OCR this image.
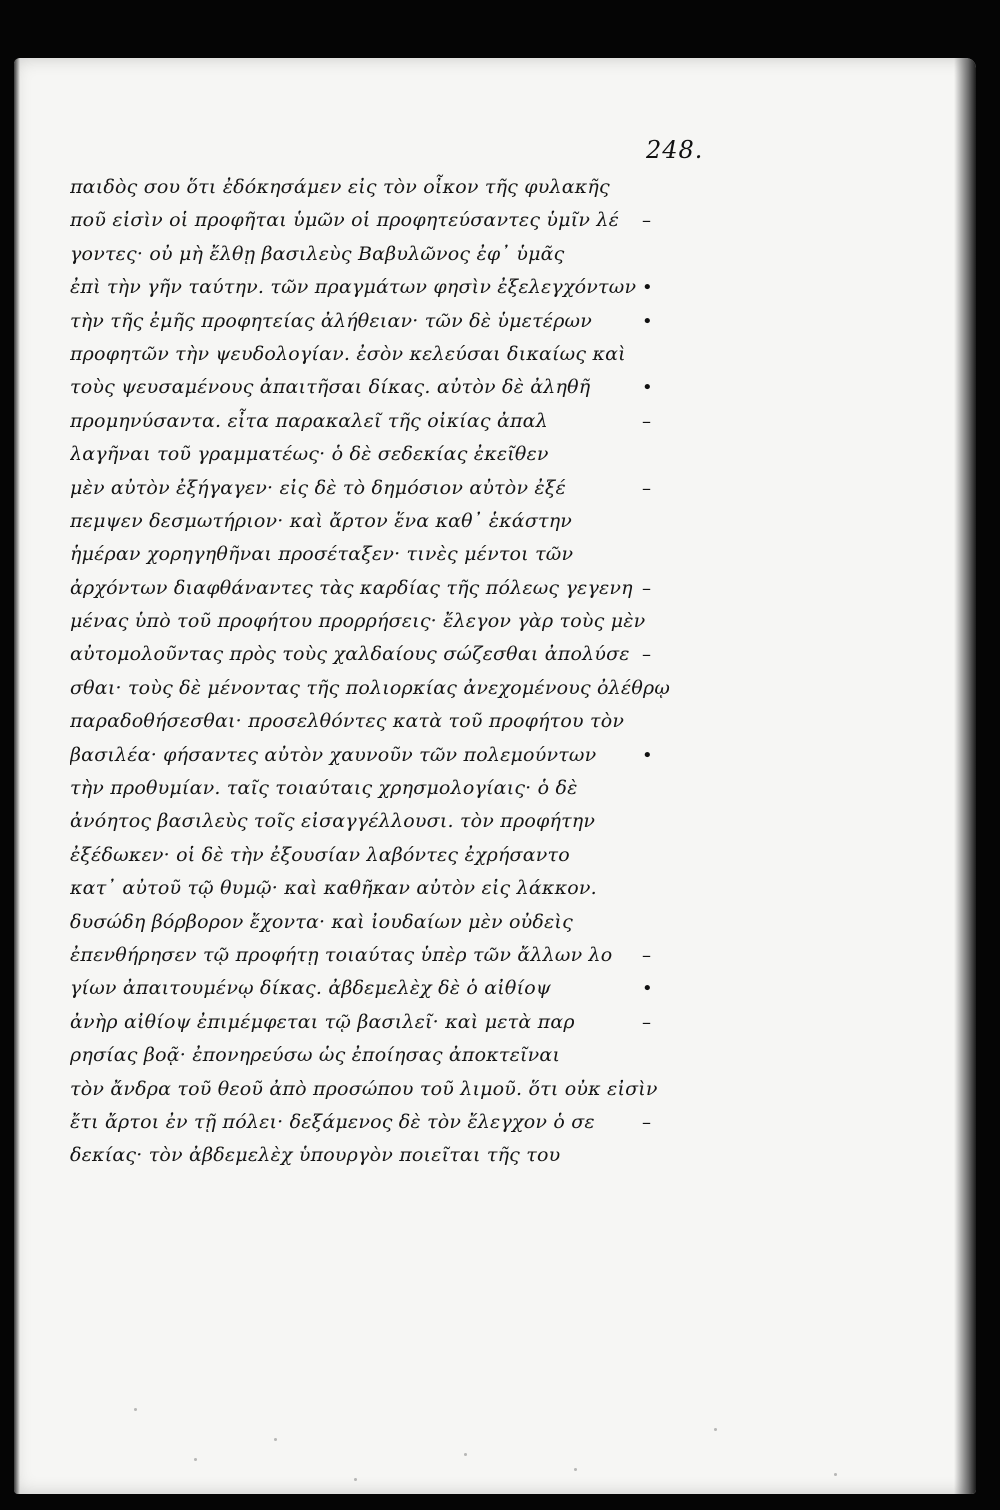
248.
παιδὸς σου ὅτι ἐδόκησάμεν εἰς τὸν οἶκον τῆς φυλακῆς
ποῦ εἰσὶν οἱ προφῆται ὑμῶν οἱ προφητεύσαντες ὑμῖν λέ
γοντες· οὐ μὴ ἔλθῃ βασιλεὺς Βαβυλῶνος ἐφ᾽ ὑμᾶς
ἐπὶ τὴν γῆν ταύτην. τῶν πραγμάτων φησὶν ἐξελεγχόντων
τὴν τῆς ἐμῆς προφητείας ἀλήθειαν· τῶν δὲ ὑμετέρων
προφητῶν τὴν ψευδολογίαν. ἐσὸν κελεύσαι δικαίως καὶ
τοὺς ψευσαμένους ἀπαιτῆσαι δίκας. αὐτὸν δὲ ἀληθῆ
προμηνύσαντα. εἶτα παρακαλεῖ τῆς οἰκίας ἀπαλ
λαγῆναι τοῦ γραμματέως· ὁ δὲ σεδεκίας ἐκεῖθεν
μὲν αὐτὸν ἐξήγαγεν· εἰς δὲ τὸ δημόσιον αὐτὸν ἐξέ
πεμψεν δεσμωτήριον· καὶ ἄρτον ἕνα καθ᾽ ἑκάστην
ἡμέραν χορηγηθῆναι προσέταξεν· τινὲς μέντοι τῶν
ἀρχόντων διαφθάναντες τὰς καρδίας τῆς πόλεως γεγενη
μένας ὑπὸ τοῦ προφήτου προρρήσεις· ἔλεγον γὰρ τοὺς μὲν
αὐτομολοῦντας πρὸς τοὺς χαλδαίους σώζεσθαι ἀπολύσε
σθαι· τοὺς δὲ μένοντας τῆς πολιορκίας ἀνεχομένους ὀλέθρῳ
παραδοθήσεσθαι· προσελθόντες κατὰ τοῦ προφήτου τὸν
βασιλέα· φήσαντες αὐτὸν χαυνοῦν τῶν πολεμούντων
τὴν προθυμίαν. ταῖς τοιαύταις χρησμολογίαις· ὁ δὲ
ἀνόητος βασιλεὺς τοῖς εἰσαγγέλλουσι. τὸν προφήτην
ἐξέδωκεν· οἱ δὲ τὴν ἐξουσίαν λαβόντες ἐχρήσαντο
κατ᾽ αὐτοῦ τῷ θυμῷ· καὶ καθῆκαν αὐτὸν εἰς λάκκον.
δυσώδη βόρβορον ἔχοντα· καὶ ἰουδαίων μὲν οὐδεὶς
ἐπενθήρησεν τῷ προφήτῃ τοιαύτας ὑπὲρ τῶν ἄλλων λο
γίων ἀπαιτουμένῳ δίκας. ἀβδεμελὲχ δὲ ὁ αἰθίοψ
ἀνὴρ αἰθίοψ ἐπιμέμφεται τῷ βασιλεῖ· καὶ μετὰ παρ
ρησίας βοᾷ· ἐπονηρεύσω ὡς ἐποίησας ἀποκτεῖναι
τὸν ἄνδρα τοῦ θεοῦ ἀπὸ προσώπου τοῦ λιμοῦ. ὅτι οὐκ εἰσὶν
ἔτι ἄρτοι ἐν τῇ πόλει· δεξάμενος δὲ τὸν ἔλεγχον ὁ σε
δεκίας· τὸν ἀβδεμελὲχ ὑπουργὸν ποιεῖται τῆς του
–
•
•
•
–
–
–
–
•
–
•
–
–
